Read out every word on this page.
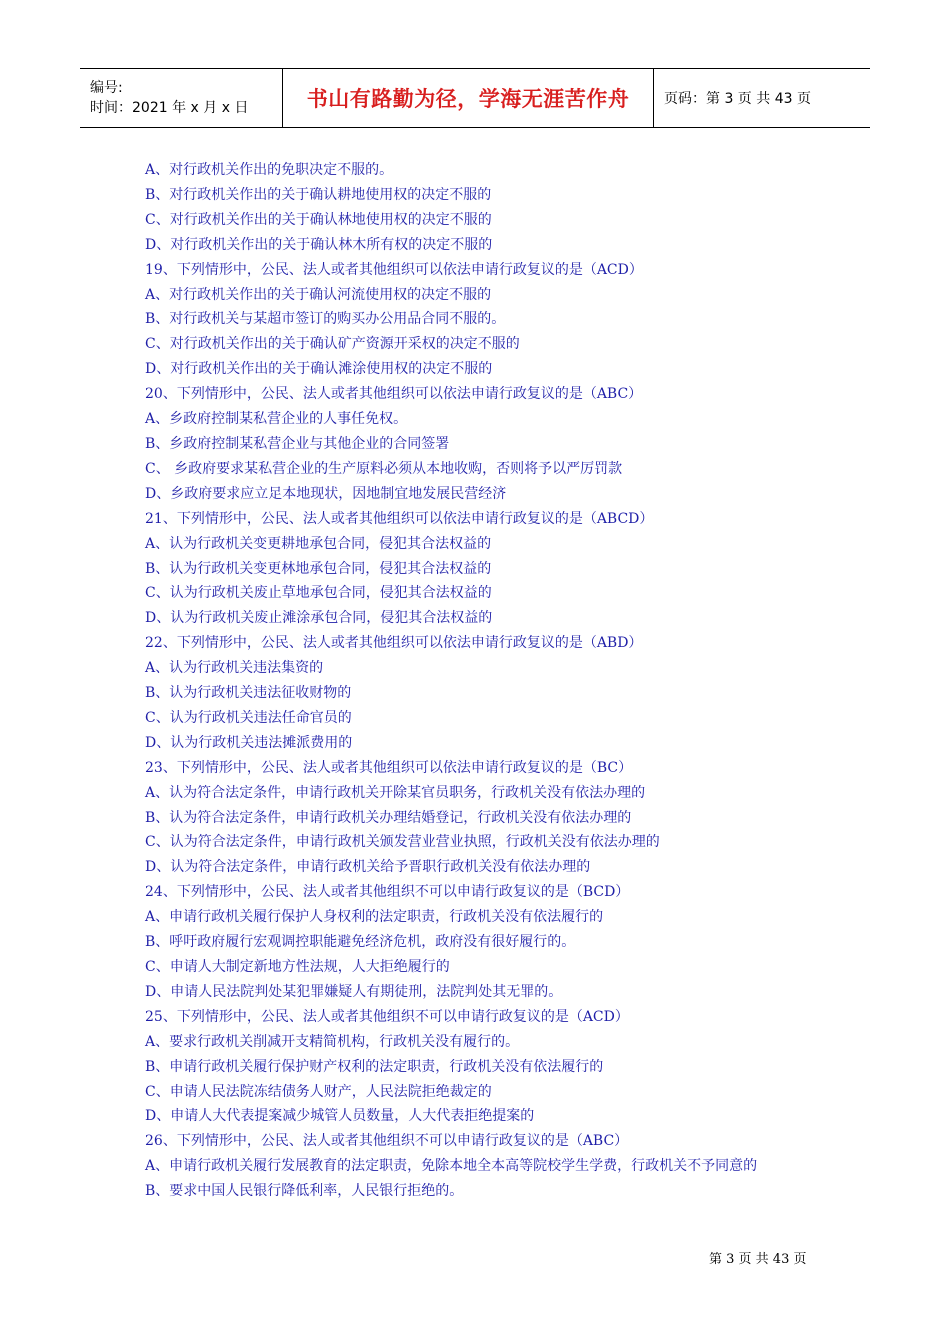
编号:
时间：2021 年 x 月 x 日	书山有路勤为径，学海无涯苦作舟 页码：第 3 页 共 43 页
A、对行政机关作出的免职决定不服的。
B、对行政机关作出的关于确认耕地使用权的决定不服的
C、对行政机关作出的关于确认林地使用权的决定不服的
D、对行政机关作出的关于确认林木所有权的决定不服的
19、下列情形中，公民、法人或者其他组织可以依法申请行政复议的是（ACD）
A、对行政机关作出的关于确认河流使用权的决定不服的
B、对行政机关与某超市签订的购买办公用品合同不服的。
C、对行政机关作出的关于确认矿产资源开采权的决定不服的
D、对行政机关作出的关于确认滩涂使用权的决定不服的
20、下列情形中，公民、法人或者其他组织可以依法申请行政复议的是（ABC）
A、乡政府控制某私营企业的人事任免权。
B、乡政府控制某私营企业与其他企业的合同签署
C、 乡政府要求某私营企业的生产原料必须从本地收购，否则将予以严厉罚款
D、乡政府要求应立足本地现状，因地制宜地发展民营经济
21、下列情形中，公民、法人或者其他组织可以依法申请行政复议的是（ABCD）
A、认为行政机关变更耕地承包合同，侵犯其合法权益的
B、认为行政机关变更林地承包合同，侵犯其合法权益的
C、认为行政机关废止草地承包合同，侵犯其合法权益的
D、认为行政机关废止滩涂承包合同，侵犯其合法权益的
22、下列情形中，公民、法人或者其他组织可以依法申请行政复议的是（ABD）
A、认为行政机关违法集资的
B、认为行政机关违法征收财物的
C、认为行政机关违法任命官员的
D、认为行政机关违法摊派费用的
23、下列情形中，公民、法人或者其他组织可以依法申请行政复议的是（BC）
A、认为符合法定条件，申请行政机关开除某官员职务，行政机关没有依法办理的
B、认为符合法定条件，申请行政机关办理结婚登记，行政机关没有依法办理的
C、认为符合法定条件，申请行政机关颁发营业营业执照，行政机关没有依法办理的
D、认为符合法定条件，申请行政机关给予晋职行政机关没有依法办理的
24、下列情形中，公民、法人或者其他组织不可以申请行政复议的是（BCD）
A、申请行政机关履行保护人身权利的法定职责，行政机关没有依法履行的
B、呼吁政府履行宏观调控职能避免经济危机，政府没有很好履行的。
C、申请人大制定新地方性法规，人大拒绝履行的
D、申请人民法院判处某犯罪嫌疑人有期徒刑，法院判处其无罪的。
25、下列情形中，公民、法人或者其他组织不可以申请行政复议的是（ACD）
A、要求行政机关削减开支精简机构，行政机关没有履行的。
B、申请行政机关履行保护财产权利的法定职责，行政机关没有依法履行的
C、申请人民法院冻结债务人财产，人民法院拒绝裁定的
D、申请人大代表提案减少城管人员数量，人大代表拒绝提案的
26、下列情形中，公民、法人或者其他组织不可以申请行政复议的是（ABC）
A、申请行政机关履行发展教育的法定职责，免除本地全本高等院校学生学费，行政机关不予同意的
B、要求中国人民银行降低利率，人民银行拒绝的。
第 3 页 共 43 页
